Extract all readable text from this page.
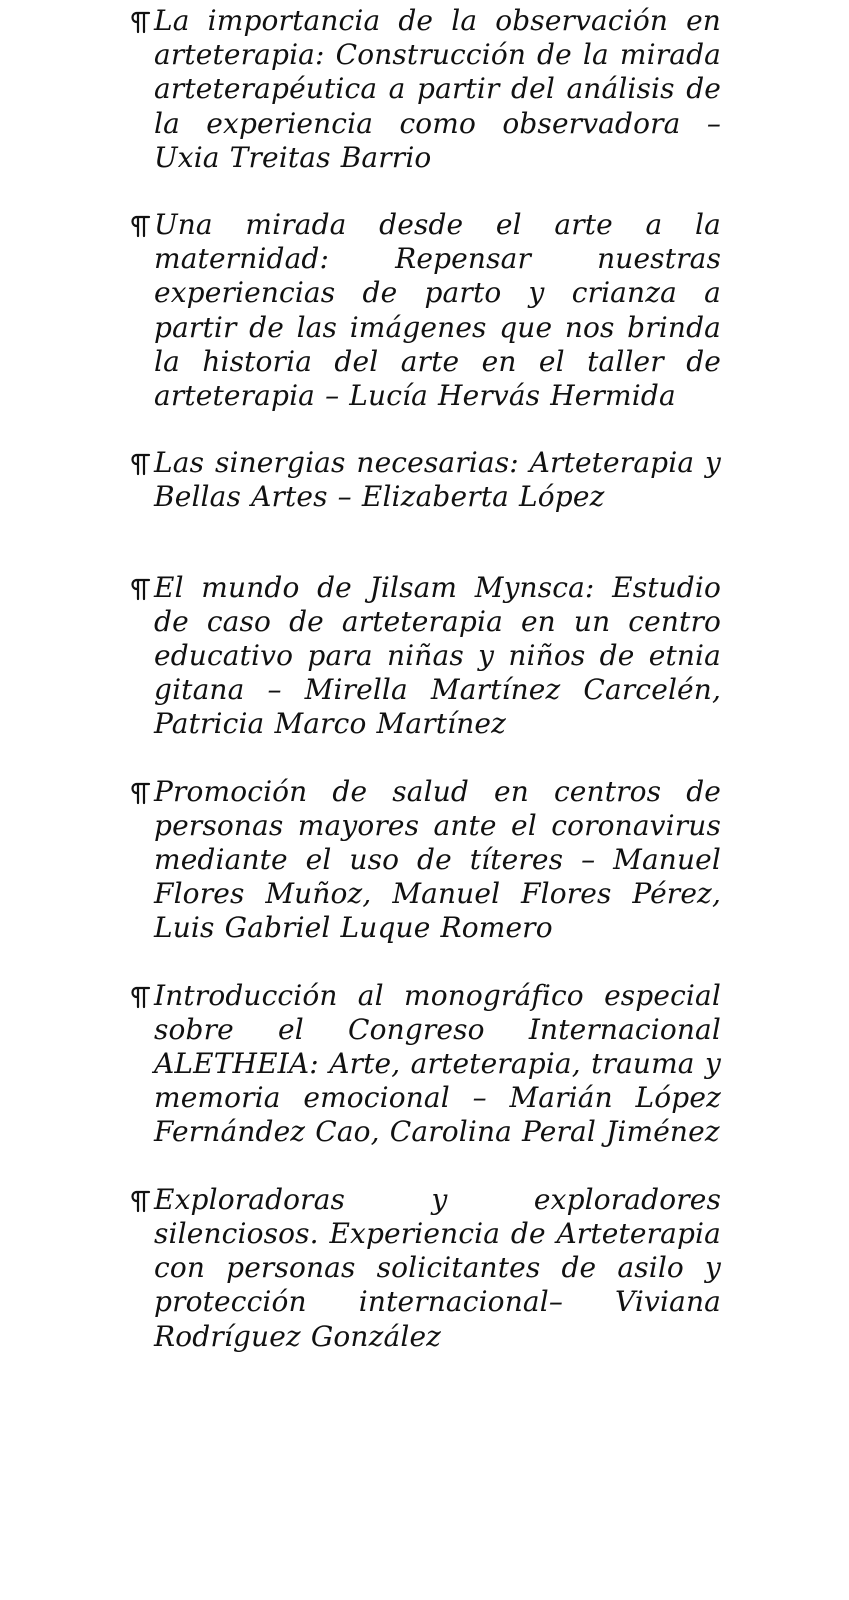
La importancia de la observación en arteterapia: Construcción de la mirada arteterapéutica a partir del análisis de la experiencia como observadora – Uxia Treitas Barrio
Una mirada desde el arte a la maternidad: Repensar nuestras experiencias de parto y crianza a partir de las imágenes que nos brinda la historia del arte en el taller de arteterapia – Lucía Hervás Hermida
Las sinergias necesarias: Arteterapia y Bellas Artes – Elizaberta López
El mundo de Jilsam Mynsca: Estudio de caso de arteterapia en un centro educativo para niñas y niños de etnia gitana – Mirella Martínez Carcelén, Patricia Marco Martínez
Promoción de salud en centros de personas mayores ante el coronavirus mediante el uso de títeres – Manuel Flores Muñoz, Manuel Flores Pérez, Luis Gabriel Luque Romero
Introducción al monográfico especial sobre el Congreso Internacional ALETHEIA: Arte, arteterapia, trauma y memoria emocional – Marián López Fernández Cao, Carolina Peral Jiménez
Exploradoras y exploradores silenciosos. Experiencia de Arteterapia con personas solicitantes de asilo y protección internacional– Viviana Rodríguez González
